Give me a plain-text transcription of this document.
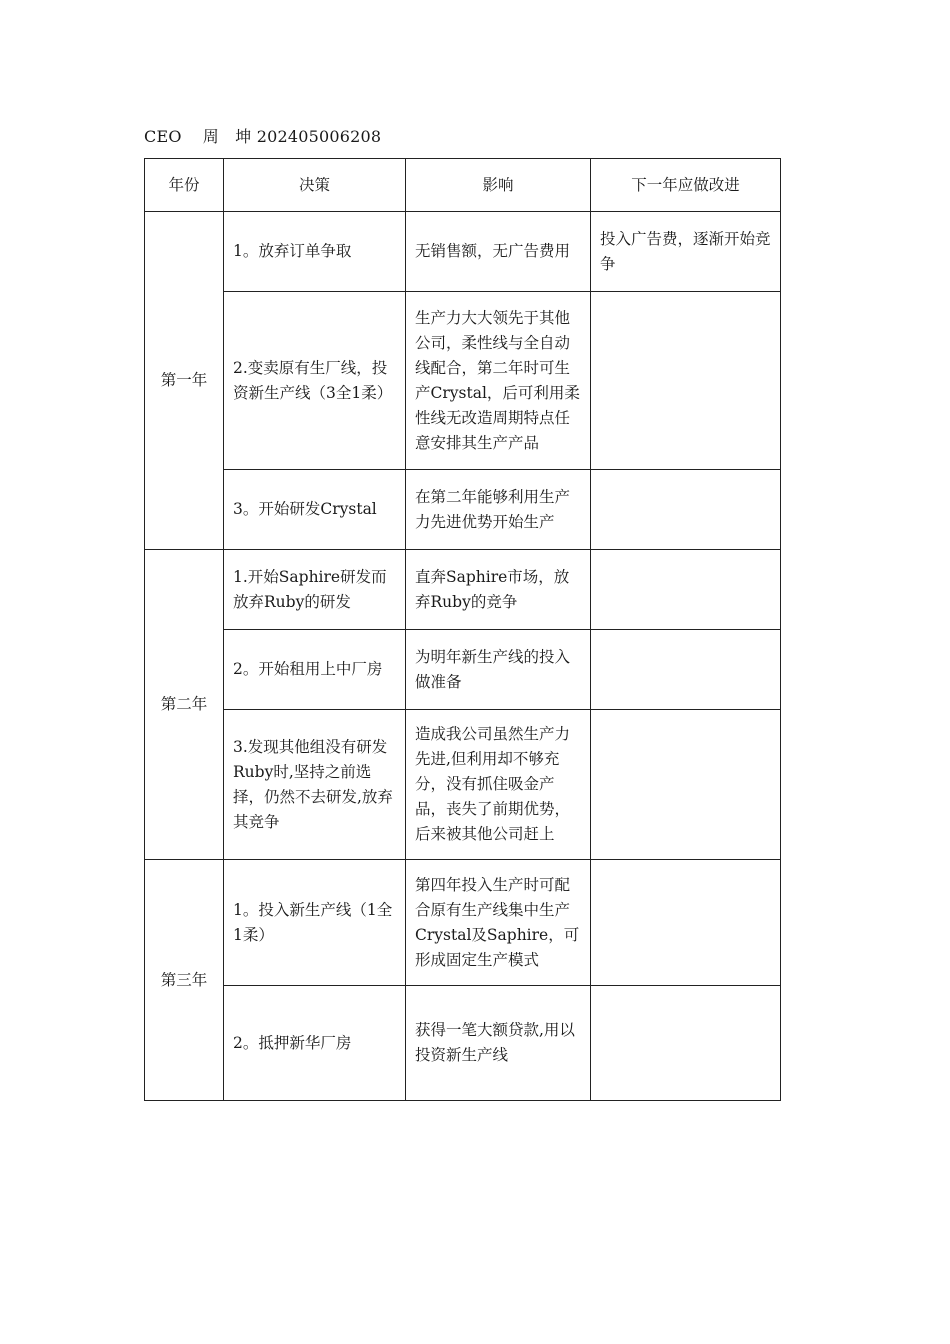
CEO 周　坤 202405006208
年份	决策	影响	下一年应做改进
第一年	1。放弃订单争取	无销售额，无广告费用	投入广告费，逐渐开始竞争
	2.变卖原有生厂线，投资新生产线（3全1柔）	生产力大大领先于其他公司，柔性线与全自动线配合，第二年时可生产Crystal，后可利用柔性线无改造周期特点任意安排其生产产品	
	3。开始研发Crystal	在第二年能够利用生产力先进优势开始生产	
第二年	1.开始Saphire研发而放弃Ruby的研发	直奔Saphire市场，放弃Ruby的竞争	
	2。开始租用上中厂房	为明年新生产线的投入做准备	
	3.发现其他组没有研发Ruby时,坚持之前选择，仍然不去研发,放弃其竞争	造成我公司虽然生产力先进,但利用却不够充分，没有抓住吸金产品，丧失了前期优势，后来被其他公司赶上	
第三年	1。投入新生产线（1全1柔）	第四年投入生产时可配合原有生产线集中生产Crystal及Saphire，可形成固定生产模式	
	2。抵押新华厂房	获得一笔大额贷款,用以投资新生产线	
